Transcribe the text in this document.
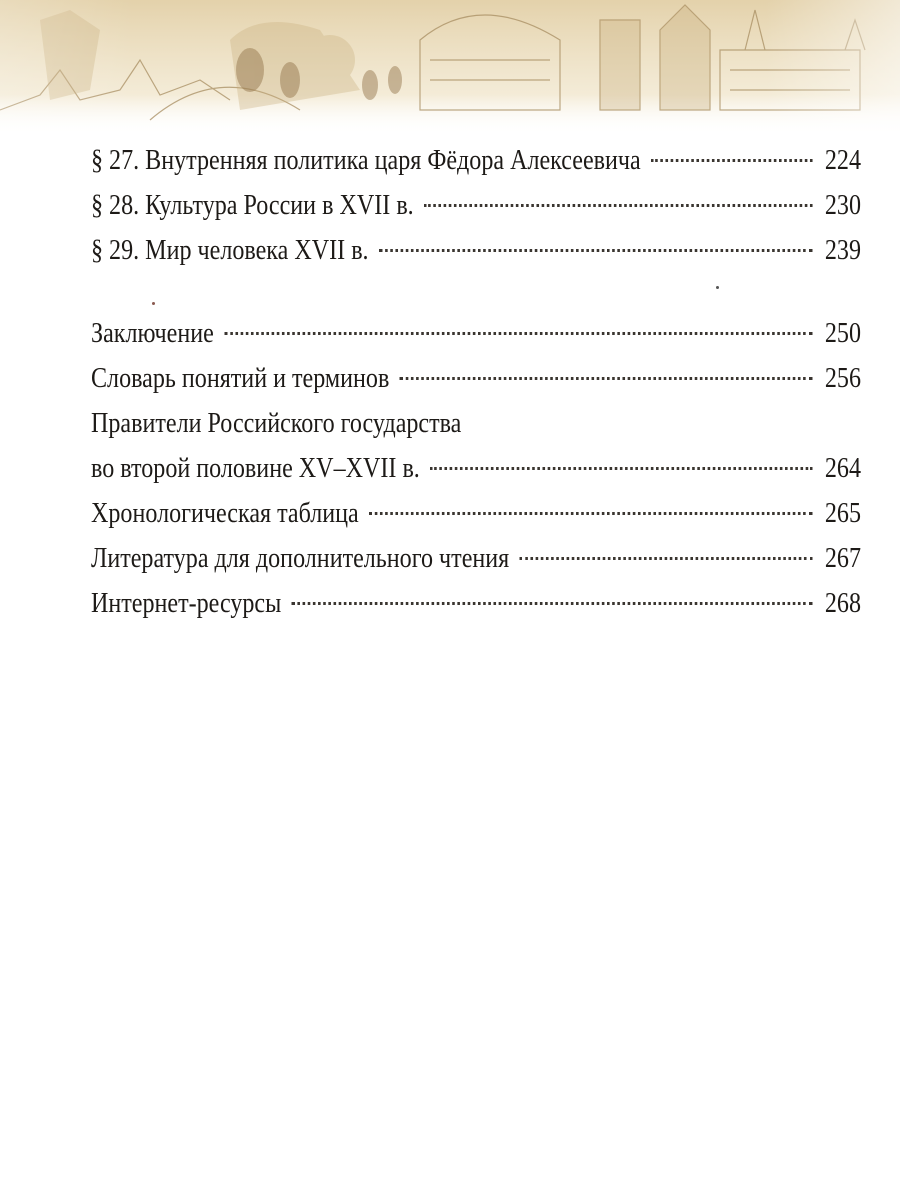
§ 27. Внутренняя политика царя Фёдора Алексеевича	224
§ 28. Культура России в XVII в.	230
§ 29. Мир человека XVII в.	239
Заключение	250
Словарь понятий и терминов	256
Правители Российского государства
во второй половине XV–XVII в.	264
Хронологическая таблица	265
Литература для дополнительного чтения	267
Интернет-ресурсы	268
